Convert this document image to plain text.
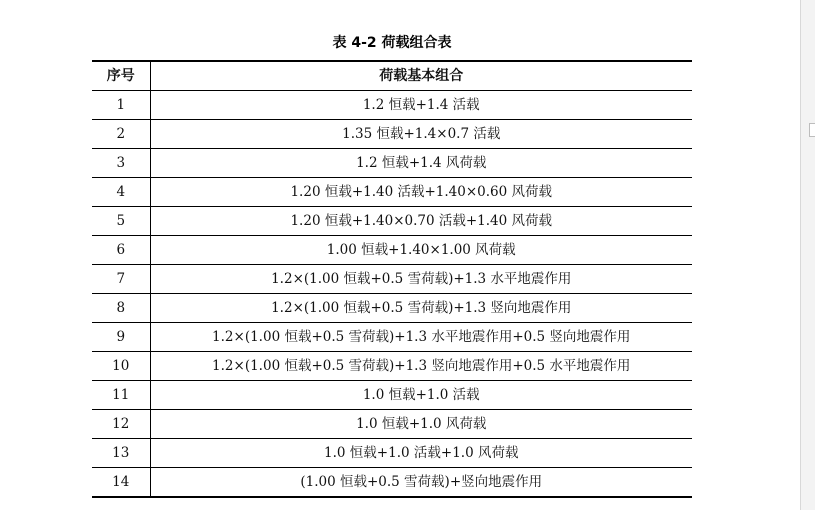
表 4-2 荷载组合表
序号	荷载基本组合
1	1.2 恒载+1.4 活载
2	1.35 恒载+1.4×0.7 活载
3	1.2 恒载+1.4 风荷载
4	1.20 恒载+1.40 活载+1.40×0.60 风荷载
5	1.20 恒载+1.40×0.70 活载+1.40 风荷载
6	1.00 恒载+1.40×1.00 风荷载
7	1.2×(1.00 恒载+0.5 雪荷载)+1.3 水平地震作用
8	1.2×(1.00 恒载+0.5 雪荷载)+1.3 竖向地震作用
9	1.2×(1.00 恒载+0.5 雪荷载)+1.3 水平地震作用+0.5 竖向地震作用
10	1.2×(1.00 恒载+0.5 雪荷载)+1.3 竖向地震作用+0.5 水平地震作用
11	1.0 恒载+1.0 活载
12	1.0 恒载+1.0 风荷载
13	1.0 恒载+1.0 活载+1.0 风荷载
14	(1.00 恒载+0.5 雪荷载)+竖向地震作用
